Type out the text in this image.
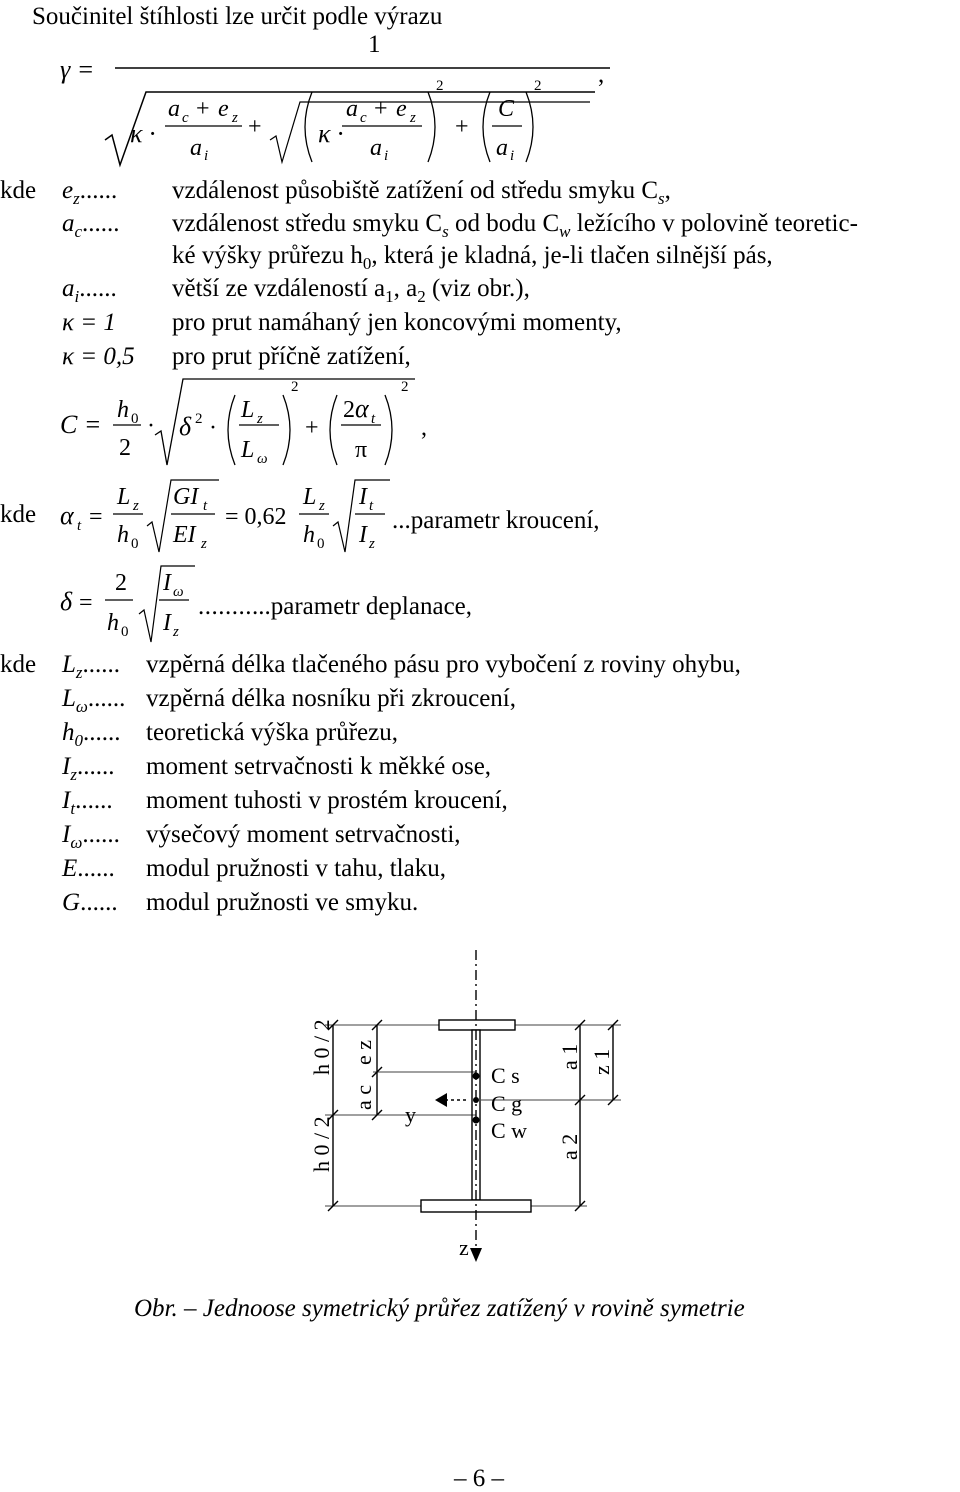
Součinitel štíhlosti lze určit podle výrazu
γ =
1
,
κ ·
a c + e z
a i
+ κ ·
a c + e z
a i
2
+
C
a i
2
kde $e_z$...... vzdálenost působiště zatížení od středu smyku $C_s$,
$a_c$...... vzdálenost středu smyku $C_s$ od bodu $C_w$ ležícího v polovině teoretic-
ké výšky průřezu $h_0$, která je kladná, je-li tlačen silnější pás,
$a_i$...... větší ze vzdáleností $a_1$, $a_2$ (viz obr.),
κ = 1 pro prut namáhaný jen koncovými momenty,
κ = 0,5 pro prut příčně zatížení,
C = h 0
2
· δ 2 ·
L z
L ω
2
+
2 α t
π
2
,
kde α t =
L z
h 0
GI t
EI z
= 0,62
L z
h 0
I t
I z
...parametr kroucení,
δ =
2
h 0
I ω
I z
...........parametr deplanace,
kde $L_z$...... vzpěrná délka tlačeného pásu pro vybočení z roviny ohybu,
$L_\omega$...... vzpěrná délka nosníku při zkroucení,
$h_0$...... teoretická výška průřezu,
$I_z$...... moment setrvačnosti k měkké ose,
$I_t$...... moment tuhosti v prostém kroucení,
$I_\omega$...... výsečový moment setrvačnosti,
E...... modul pružnosti v tahu, tlaku,
G...... modul pružnosti ve smyku.
h 0 / 2
h 0 / 2
e z
a c
y
C s
C g
C w
a 1 z 1
a 2
z
Obr. – Jednoose symetrický průřez zatížený v rovině symetrie
– 6 –
